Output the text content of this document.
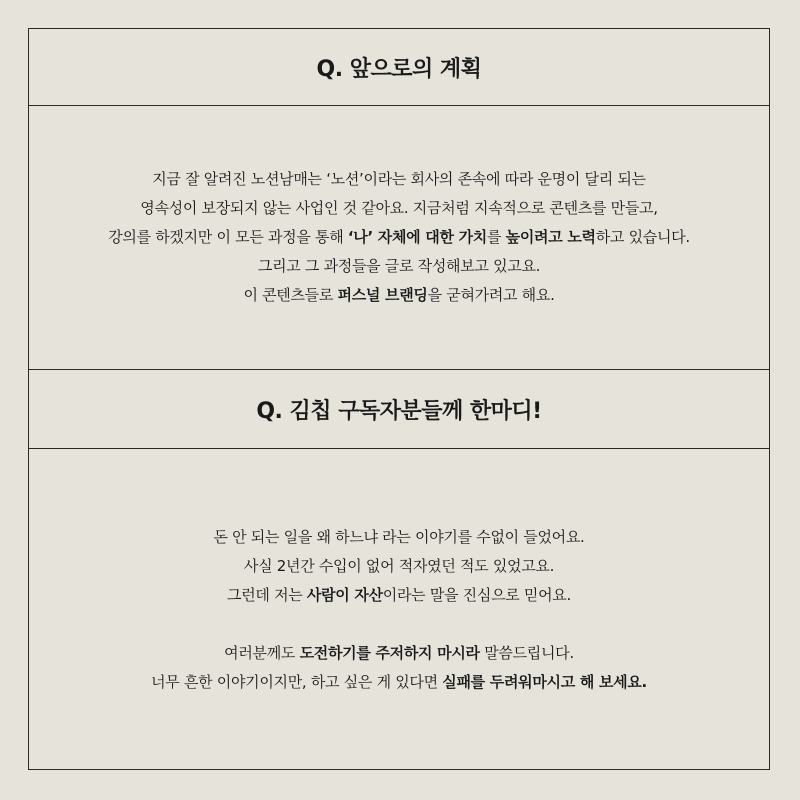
Q. 앞으로의 계획
지금 잘 알려진 노션남매는 ‘노션’이라는 회사의 존속에 따라 운명이 달리 되는
영속성이 보장되지 않는 사업인 것 같아요. 지금처럼 지속적으로 콘텐츠를 만들고,
강의를 하겠지만 이 모든 과정을 통해 ‘나’ 자체에 대한 가치를 높이려고 노력하고 있습니다.
그리고 그 과정들을 글로 작성해보고 있고요.
이 콘텐츠들로 퍼스널 브랜딩을 굳혀가려고 해요.
Q. 김칩 구독자분들께 한마디!
돈 안 되는 일을 왜 하느냐 라는 이야기를 수없이 들었어요.
사실 2년간 수입이 없어 적자였던 적도 있었고요.
그런데 저는 사람이 자산이라는 말을 진심으로 믿어요.
여러분께도 도전하기를 주저하지 마시라 말씀드립니다.
너무 흔한 이야기이지만, 하고 싶은 게 있다면 실패를 두려워마시고 해 보세요.
